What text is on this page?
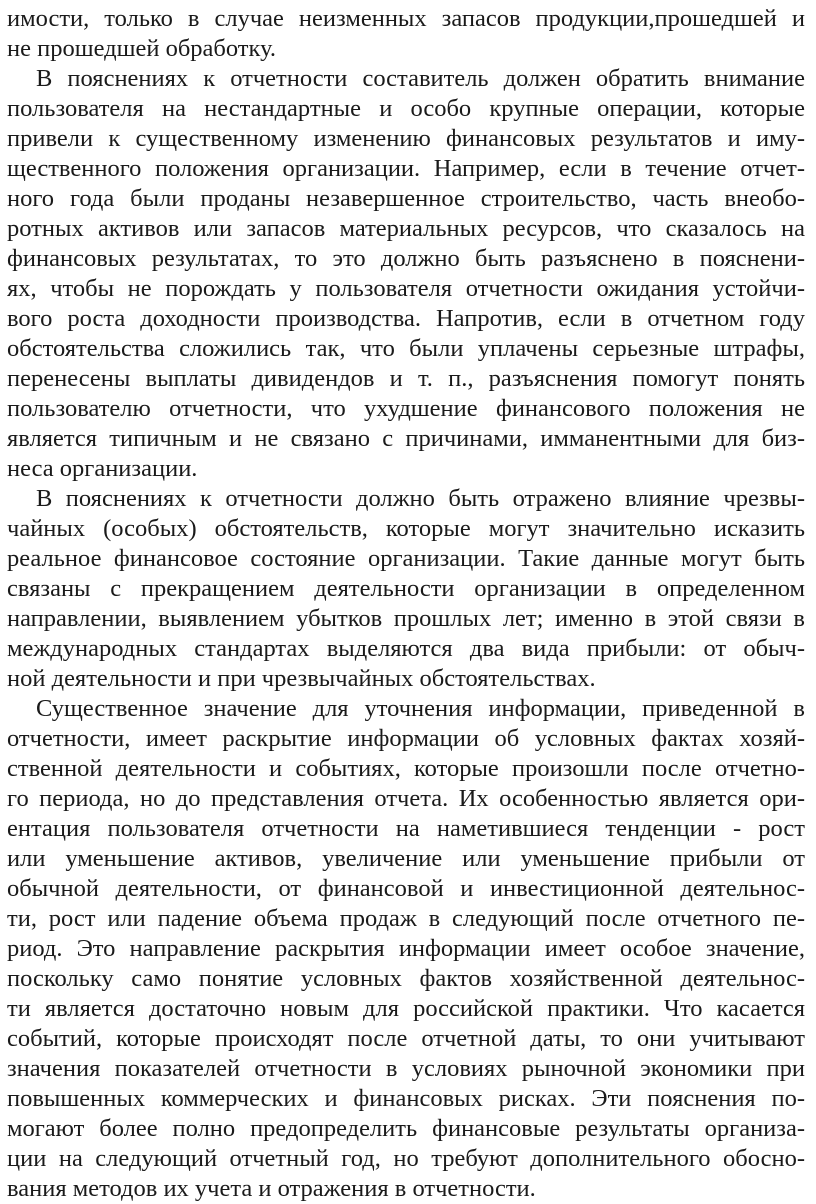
имости, только в случае неизменных запасов продукции,прошедшей и
не прошедшей обработку.

В пояснениях к отчетности составитель должен обратить внимание
пользователя на нестандартные и особо крупные операции, которые
привели к существенному изменению финансовых результатов и иму-
щественного положения организации. Например, если в течение отчет-
ного года были проданы незавершенное строительство, часть внеобо-
ротных активов или запасов материальных ресурсов, что сказалось на
финансовых результатах, то это должно быть разъяснено в пояснени-
ях, чтобы не порождать у пользователя отчетности ожидания устойчи-
вого роста доходности производства. Напротив, если в отчетном году
обстоятельства сложились так, что были уплачены серьезные штрафы,
перенесены выплаты дивидендов и т. п., разъяснения помогут понять
пользователю отчетности, что ухудшение финансового положения не
является типичным и не связано с причинами, имманентными для биз-
неса организации.

В пояснениях к отчетности должно быть отражено влияние чрезвы-
чайных (особых) обстоятельств, которые могут значительно исказить
реальное финансовое состояние организации. Такие данные могут быть
связаны с прекращением деятельности организации в определенном
направлении, выявлением убытков прошлых лет; именно в этой связи в
международных стандартах выделяются два вида прибыли: от обыч-
ной деятельности и при чрезвычайных обстоятельствах.

Существенное значение для уточнения информации, приведенной в
отчетности, имеет раскрытие информации об условных фактах хозяй-
ственной деятельности и событиях, которые произошли после отчетно-
го периода, но до представления отчета. Их особенностью является ори-
ентация пользователя отчетности на наметившиеся тенденции - рост
или уменьшение активов, увеличение или уменьшение прибыли от
обычной деятельности, от финансовой и инвестиционной деятельнос-
ти, рост или падение объема продаж в следующий после отчетного пе-
риод. Это направление раскрытия информации имеет особое значение,
поскольку само понятие условных фактов хозяйственной деятельнос-
ти является достаточно новым для российской практики. Что касается
событий, которые происходят после отчетной даты, то они учитывают
значения показателей отчетности в условиях рыночной экономики при
повышенных коммерческих и финансовых рисках. Эти пояснения по-
могают более полно предопределить финансовые результаты организа-
ции на следующий отчетный год, но требуют дополнительного обосно-
вания методов их учета и отражения в отчетности.
